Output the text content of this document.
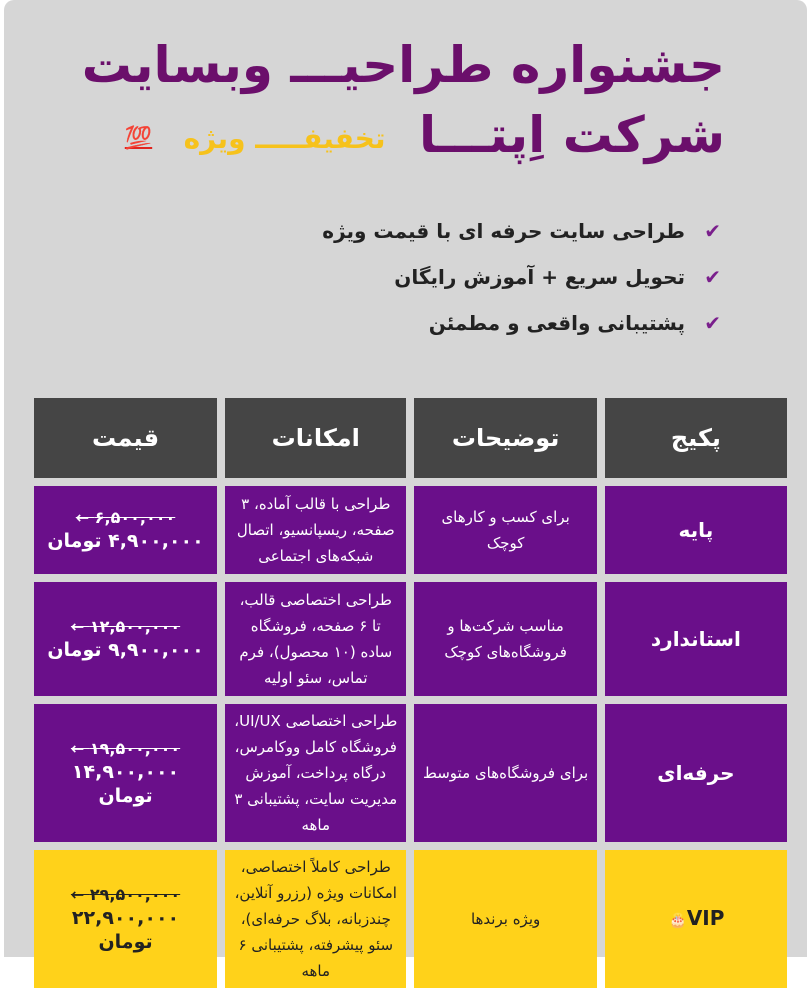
جشنواره طراحیـــ وبسایت
شرکت اِپتـــا تخفیفـــــ ویژه 💯
✔
طراحی سایت حرفه ای با قیمت ویژه
✔
تحویل سریع + آموزش رایگان
✔
پشتیبانی واقعی و مطمئن
پکیج	توضیحات	امکانات	قیمت
پایه	برای کسب و کارهای کوچک	طراحی با قالب آماده، ۳ صفحه، ریسپانسیو، اتصال شبکه‌های اجتماعی	۶,۵۰۰,۰۰۰ ←
۴,۹۰۰,۰۰۰ تومان

استاندارد	مناسب شرکت‌ها و فروشگاه‌های کوچک	طراحی اختصاصی قالب، تا ۶ صفحه، فروشگاه ساده (۱۰ محصول)، فرم تماس، سئو اولیه	۱۲,۵۰۰,۰۰۰ ←
۹,۹۰۰,۰۰۰ تومان

حرفه‌ای	برای فروشگاه‌های متوسط	طراحی اختصاصی UI/UX، فروشگاه کامل ووکامرس، درگاه پرداخت، آموزش مدیریت سایت، پشتیبانی ۳ ماهه	۱۹,۵۰۰,۰۰۰ ←
۱۴,۹۰۰,۰۰۰ تومان

VIP🎂	ویژه برندها	طراحی کاملاً اختصاصی، امکانات ویژه (رزرو آنلاین، چندزبانه، بلاگ حرفه‌ای)، سئو پیشرفته، پشتیبانی ۶ ماهه	۲۹,۵۰۰,۰۰۰ ←
۲۲,۹۰۰,۰۰۰ تومان
